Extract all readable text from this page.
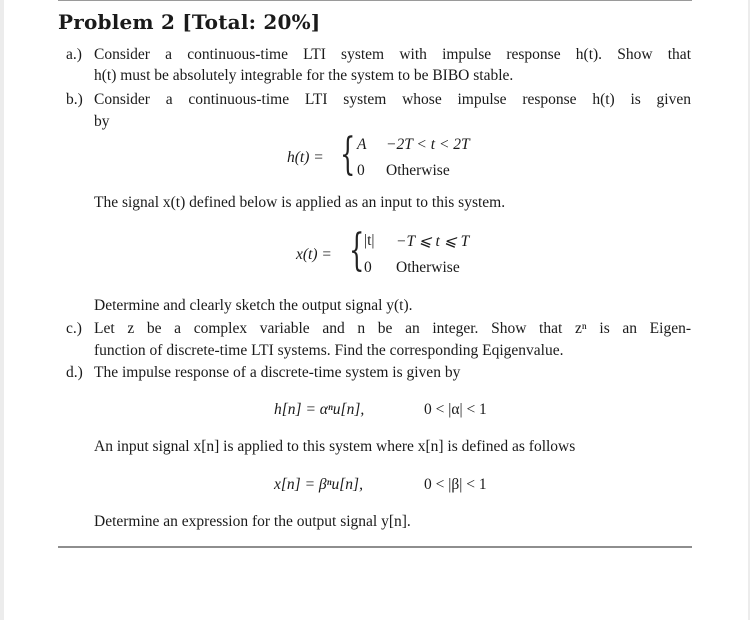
Problem 2 [Total: 20%]
a.) Consider a continuous-time LTI system with impulse response h(t). Show that
h(t) must be absolutely integrable for the system to be BIBO stable.
b.) Consider a continuous-time LTI system whose impulse response h(t) is given
by
h(t) = { A −2T < t < 2T
0 Otherwise
The signal x(t) defined below is applied as an input to this system.
x(t) = { |t| −T ⩽ t ⩽ T
0 Otherwise
Determine and clearly sketch the output signal y(t).
c.) Let z be a complex variable and n be an integer. Show that zⁿ is an Eigen-
function of discrete-time LTI systems. Find the corresponding Eqigenvalue.
d.) The impulse response of a discrete-time system is given by
h[n] = αⁿu[n],	0 < |α| < 1
An input signal x[n] is applied to this system where x[n] is defined as follows
x[n] = βⁿu[n],	0 < |β| < 1
Determine an expression for the output signal y[n].
